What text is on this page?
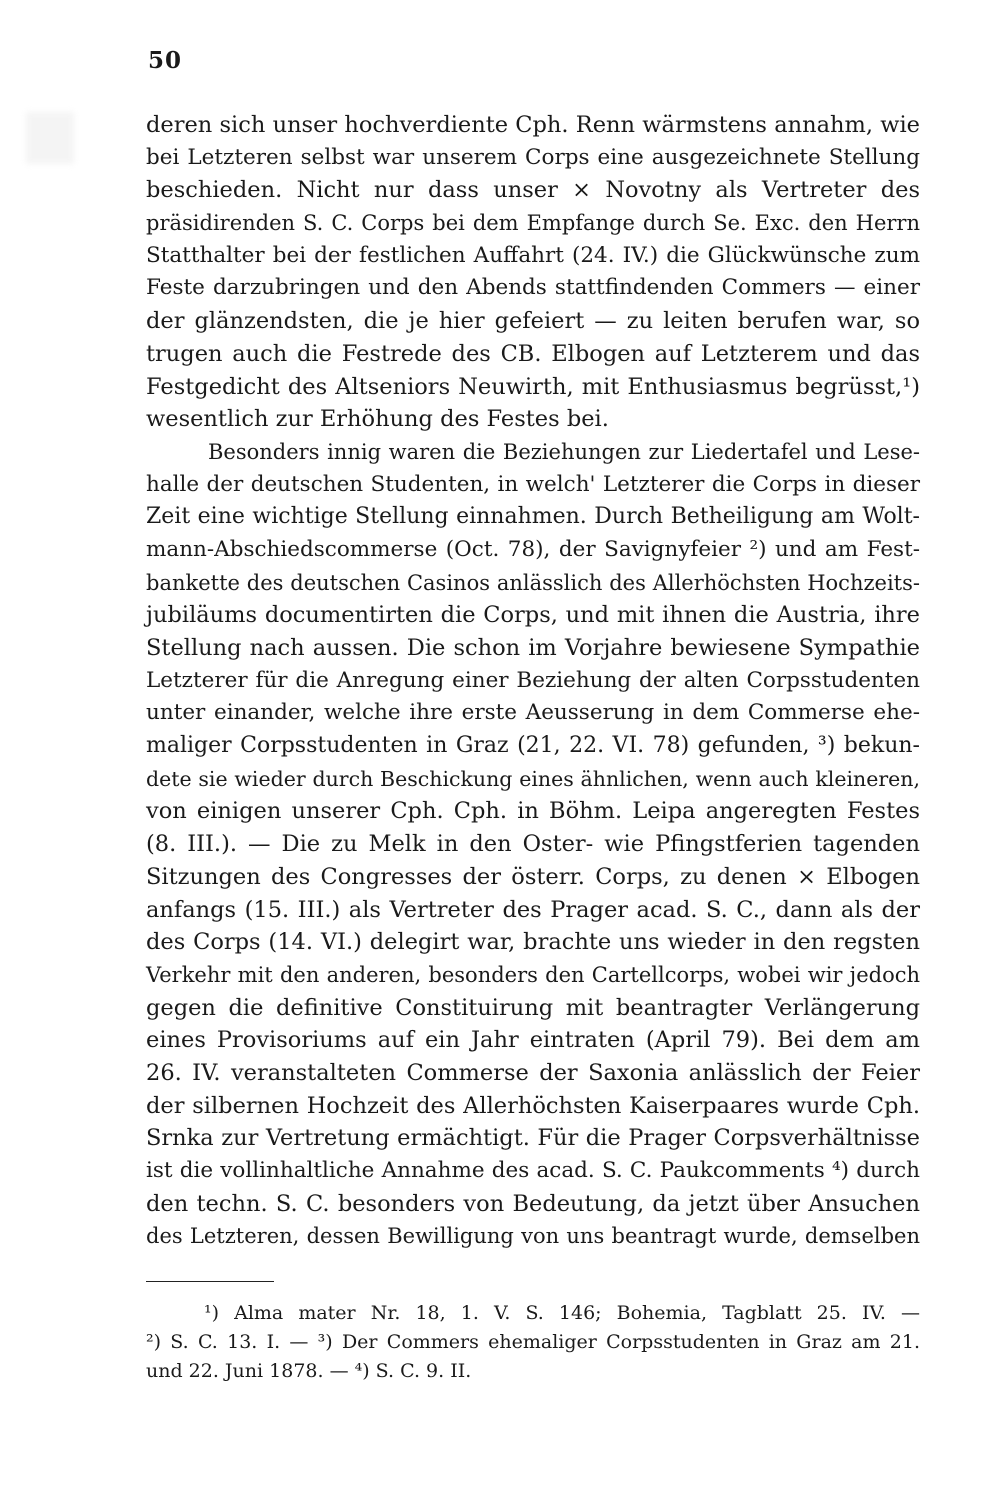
50
deren sich unser hochverdiente Cph. Renn wärmstens annahm, wie
bei Letzteren selbst war unserem Corps eine ausgezeichnete Stellung
beschieden. Nicht nur dass unser × Novotny als Vertreter des
präsidirenden S. C. Corps bei dem Empfange durch Se. Exc. den Herrn
Statthalter bei der festlichen Auffahrt (24. IV.) die Glückwünsche zum
Feste darzubringen und den Abends stattfindenden Commers — einer
der glänzendsten, die je hier gefeiert — zu leiten berufen war, so
trugen auch die Festrede des CB. Elbogen auf Letzterem und das
Festgedicht des Altseniors Neuwirth, mit Enthusiasmus begrüsst,¹)
wesentlich zur Erhöhung des Festes bei.
Besonders innig waren die Beziehungen zur Liedertafel und Lese-
halle der deutschen Studenten, in welch' Letzterer die Corps in dieser
Zeit eine wichtige Stellung einnahmen. Durch Betheiligung am Wolt-
mann-Abschiedscommerse (Oct. 78), der Savignyfeier ²) und am Fest-
bankette des deutschen Casinos anlässlich des Allerhöchsten Hochzeits-
jubiläums documentirten die Corps, und mit ihnen die Austria, ihre
Stellung nach aussen. Die schon im Vorjahre bewiesene Sympathie
Letzterer für die Anregung einer Beziehung der alten Corpsstudenten
unter einander, welche ihre erste Aeusserung in dem Commerse ehe-
maliger Corpsstudenten in Graz (21, 22. VI. 78) gefunden, ³) bekun-
dete sie wieder durch Beschickung eines ähnlichen, wenn auch kleineren,
von einigen unserer Cph. Cph. in Böhm. Leipa angeregten Festes
(8. III.). — Die zu Melk in den Oster- wie Pfingstferien tagenden
Sitzungen des Congresses der österr. Corps, zu denen × Elbogen
anfangs (15. III.) als Vertreter des Prager acad. S. C., dann als der
des Corps (14. VI.) delegirt war, brachte uns wieder in den regsten
Verkehr mit den anderen, besonders den Cartellcorps, wobei wir jedoch
gegen die definitive Constituirung mit beantragter Verlängerung
eines Provisoriums auf ein Jahr eintraten (April 79). Bei dem am
26. IV. veranstalteten Commerse der Saxonia anlässlich der Feier
der silbernen Hochzeit des Allerhöchsten Kaiserpaares wurde Cph.
Srnka zur Vertretung ermächtigt. Für die Prager Corpsverhältnisse
ist die vollinhaltliche Annahme des acad. S. C. Paukcomments ⁴) durch
den techn. S. C. besonders von Bedeutung, da jetzt über Ansuchen
des Letzteren, dessen Bewilligung von uns beantragt wurde, demselben
¹) Alma mater Nr. 18, 1. V. S. 146; Bohemia, Tagblatt 25. IV. —
²) S. C. 13. I. — ³) Der Commers ehemaliger Corpsstudenten in Graz am 21.
und 22. Juni 1878. — ⁴) S. C. 9. II.
